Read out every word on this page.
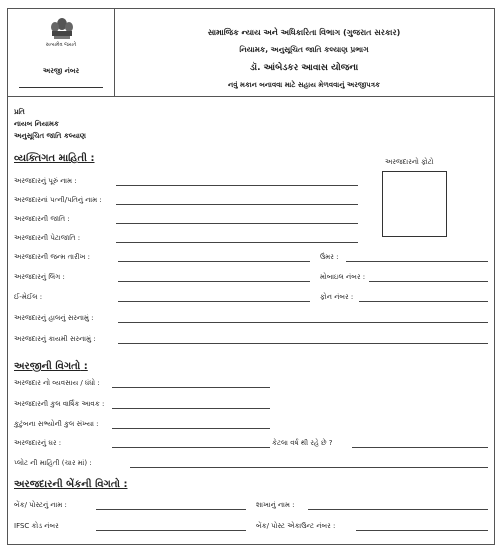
સત્યમેવ જયતે
અરજી નંબર
સામાજિક ન્યાય અને અધિકારિતા વિભાગ (ગુજરાત સરકાર)
નિયામક, અનુસૂચિત જાતિ કલ્યાણ પ્રભાગ
ડૉ. આંબેડકર આવાસ યોજના
નવું મકાન બનાવવા માટે સહાય મેળવવાનું અરજીપત્રક
પ્રતિ
નાયબ નિયામક
અનુસૂચિત જાતિ કલ્યાણ
વ્યક્તિગત માહિતી :	અરજદારનો ફોટો
અરજદારનું પૂરું નામ :
અરજદારનાં પત્ની/પતિનું નામ :
અરજદારની જાતિ :
અરજદારની પેટાજાતિ :
અરજદારની જન્મ તારીખ :	ઉંમર :
અરજદારનું લિંગ :	મોબાઇલ નંબર :
ઈ-મેઈલ :	ફોન નંબર :
અરજદારનું હાલનું સરનામું :
અરજદારનું કાયમી સરનામું :
અરજીની વિગતો :
અરજદાર નો વ્યવસાય / ધંધો :
અરજદારની કુલ વાર્ષિક આવક :
કુટુંબના સભ્યોની કુલ સંખ્યા :
અરજદારનું ઘર :	કેટલા વર્ષ થી રહે છે ?
પ્લોટ ની માહિતી (ચાર માં) :
અરજદારની બેંકની વિગતો :
બેંક/ પોસ્ટનું નામ :	શાખાનું નામ :
IFSC કોડ નંબર	બેંક/ પોસ્ટ એકાઉન્ટ નંબર :
